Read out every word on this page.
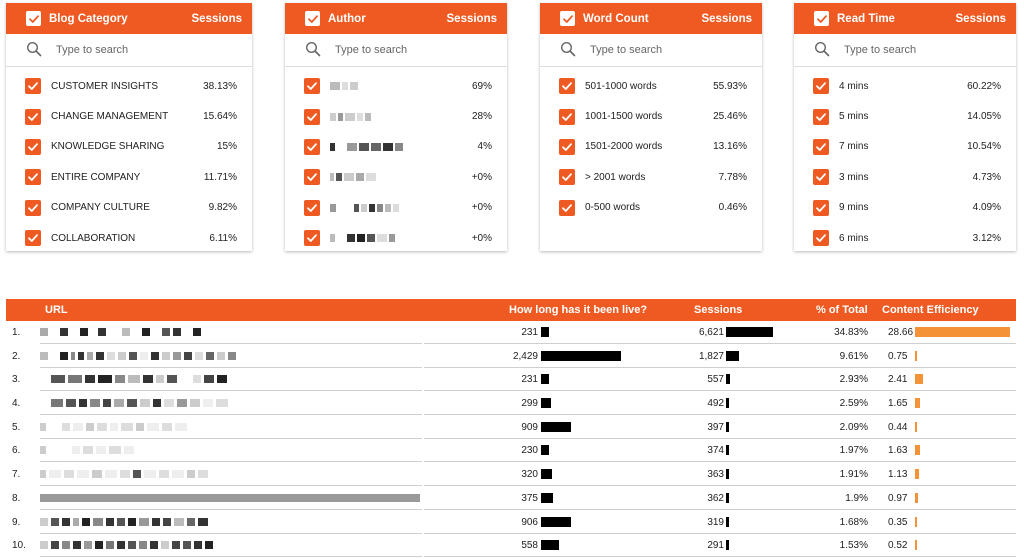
Blog Category	Sessions
Type to search
CUSTOMER INSIGHTS	38.13%
CHANGE MANAGEMENT	15.64%
KNOWLEDGE SHARING	15%
ENTIRE COMPANY	11.71%
COMPANY CULTURE	9.82%
COLLABORATION	6.11%
Author	Sessions
Type to search
69%
28%
4%
+0%
+0%
+0%
Word Count	Sessions
Type to search
501-1000 words	55.93%
1001-1500 words	25.46%
1501-2000 words	13.16%
> 2001 words	7.78%
0-500 words	0.46%
Read Time	Sessions
Type to search
4 mins	60.22%
5 mins	14.05%
7 mins	10.54%
3 mins	4.73%
9 mins	4.09%
6 mins	3.12%
URL	How long has it been live?	Sessions	% of Total Content Efficiency
1.	231	6,621	34.83% 28.66
2.	2,429	1,827	9.61% 0.75
3.	231	557	2.93% 2.41
4.	299	492	2.59% 1.65
5.	909	397	2.09% 0.44
6.	230	374	1.97% 1.63
7.	320	363	1.91% 1.13
8.	375	362	1.9% 0.97
9.	906	319	1.68% 0.35
10.	558	291	1.53% 0.52
